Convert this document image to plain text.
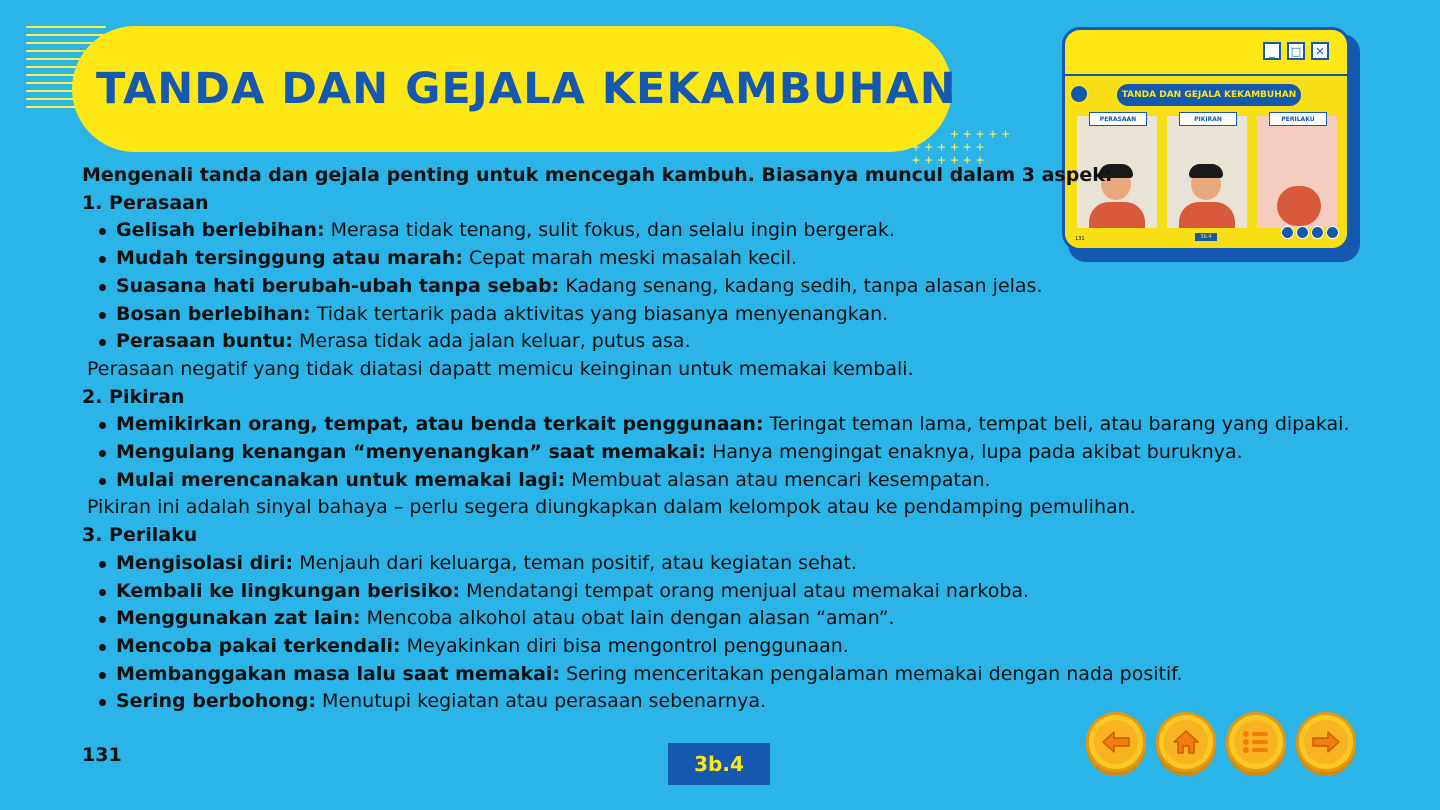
TANDA DAN GEJALA KEKAMBUHAN
+++++
++++++
++++++
_	□	✕
TANDA DAN GEJALA KEKAMBUHAN
PERASAAN	PIKIRAN	PERILAKU
131	3b.4

Mengenali tanda dan gejala penting untuk mencegah kambuh. Biasanya muncul dalam 3 aspek:

1. Perasaan

Gelisah berlebihan: Merasa tidak tenang, sulit fokus, dan selalu ingin bergerak.
Mudah tersinggung atau marah: Cepat marah meski masalah kecil.
Suasana hati berubah-ubah tanpa sebab: Kadang senang, kadang sedih, tanpa alasan jelas.
Bosan berlebihan: Tidak tertarik pada aktivitas yang biasanya menyenangkan.
Perasaan buntu: Merasa tidak ada jalan keluar, putus asa.

Perasaan negatif yang tidak diatasi dapatt memicu keinginan untuk memakai kembali.

2. Pikiran

Memikirkan orang, tempat, atau benda terkait penggunaan: Teringat teman lama, tempat beli, atau barang yang dipakai.
Mengulang kenangan “menyenangkan” saat memakai: Hanya mengingat enaknya, lupa pada akibat buruknya.
Mulai merencanakan untuk memakai lagi: Membuat alasan atau mencari kesempatan.

Pikiran ini adalah sinyal bahaya – perlu segera diungkapkan dalam kelompok atau ke pendamping pemulihan.

3. Perilaku

Mengisolasi diri: Menjauh dari keluarga, teman positif, atau kegiatan sehat.
Kembali ke lingkungan berisiko: Mendatangi tempat orang menjual atau memakai narkoba.
Menggunakan zat lain: Mencoba alkohol atau obat lain dengan alasan “aman”.
Mencoba pakai terkendali: Meyakinkan diri bisa mengontrol penggunaan.
Membanggakan masa lalu saat memakai: Sering menceritakan pengalaman memakai dengan nada positif.
Sering berbohong: Menutupi kegiatan atau perasaan sebenarnya.
131	3b.4
